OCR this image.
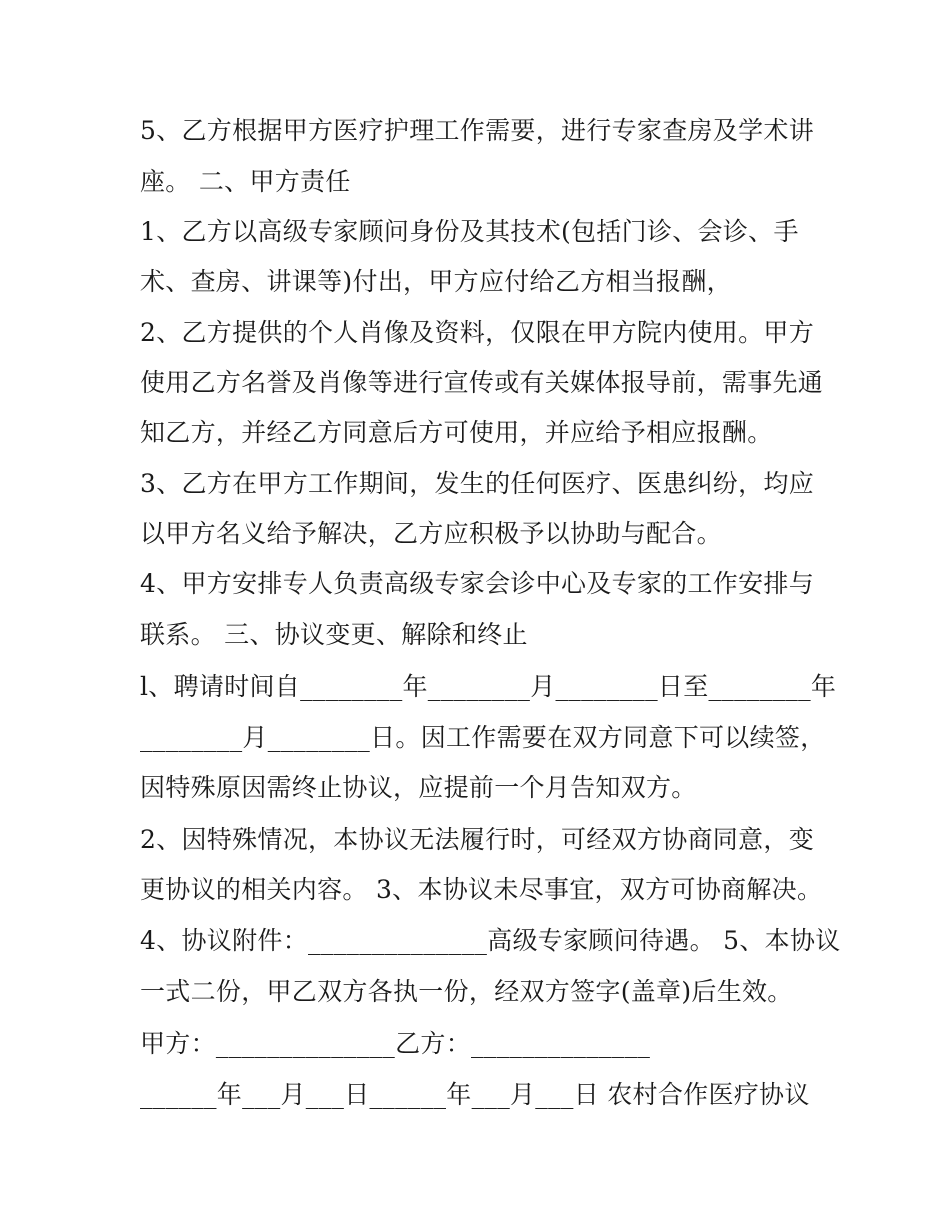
5、乙方根据甲方医疗护理工作需要，进行专家查房及学术讲

座。 二、甲方责任

1、乙方以高级专家顾问身份及其技术(包括门诊、会诊、手

术、查房、讲课等)付出，甲方应付给乙方相当报酬，

2、乙方提供的个人肖像及资料，仅限在甲方院内使用。甲方

使用乙方名誉及肖像等进行宣传或有关媒体报导前，需事先通

知乙方，并经乙方同意后方可使用，并应给予相应报酬。

3、乙方在甲方工作期间，发生的任何医疗、医患纠纷，均应

以甲方名义给予解决，乙方应积极予以协助与配合。

4、甲方安排专人负责高级专家会诊中心及专家的工作安排与

联系。 三、协议变更、解除和终止

l、聘请时间自________年________月________日至________年

________月________日。因工作需要在双方同意下可以续签，

因特殊原因需终止协议，应提前一个月告知双方。

2、因特殊情况，本协议无法履行时，可经双方协商同意，变

更协议的相关内容。 3、本协议未尽事宜，双方可协商解决。

4、协议附件：______________高级专家顾问待遇。 5、本协议

一式二份，甲乙双方各执一份，经双方签字(盖章)后生效。

甲方：______________乙方：______________

______年___月___日______年___月___日 农村合作医疗协议
